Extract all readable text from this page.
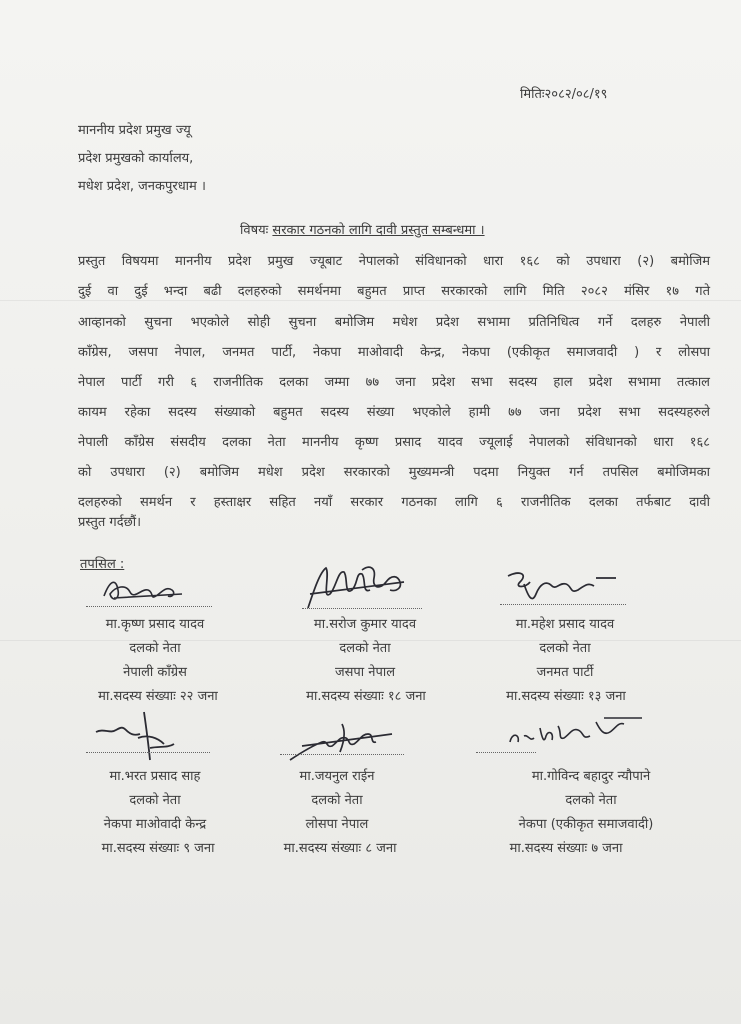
मितिः२०८२/०८/१९
माननीय प्रदेश प्रमुख ज्यू
प्रदेश प्रमुखको कार्यालय,
मधेश प्रदेश, जनकपुरधाम ।
विषयः सरकार गठनको लागि दावी प्रस्तुत सम्बन्धमा ।
प्रस्तुत विषयमा माननीय प्रदेश प्रमुख ज्यूबाट नेपालको संविधानको धारा १६८ को उपधारा (२) बमोजिम
दुई वा दुई भन्दा बढी दलहरुको समर्थनमा बहुमत प्राप्त सरकारको लागि मिति २०८२ मंसिर १७ गते
आव्हानको सुचना भएकोले सोही सुचना बमोजिम मधेश प्रदेश सभामा प्रतिनिधित्व गर्ने दलहरु नेपाली
काँग्रेस, जसपा नेपाल, जनमत पार्टी, नेकपा माओवादी केन्द्र, नेकपा (एकीकृत समाजवादी ) र लोसपा
नेपाल पार्टी गरी ६ राजनीतिक दलका जम्मा ७७ जना प्रदेश सभा सदस्य हाल प्रदेश सभामा तत्काल
कायम रहेका सदस्य संख्याको बहुमत सदस्य संख्या भएकोले हामी ७७ जना प्रदेश सभा सदस्यहरुले
नेपाली काँग्रेस संसदीय दलका नेता माननीय कृष्ण प्रसाद यादव ज्यूलाई नेपालको संविधानको धारा १६८
को उपधारा (२) बमोजिम मधेश प्रदेश सरकारको मुख्यमन्त्री पदमा नियुक्त गर्न तपसिल बमोजिमका
दलहरुको समर्थन र हस्ताक्षर सहित नयाँ सरकार गठनका लागि ६ राजनीतिक दलका तर्फबाट दावी
प्रस्तुत गर्दछौं।
तपसिल :
मा.कृष्ण प्रसाद यादव
दलको नेता
नेपाली काँग्रेस
मा.सदस्य संख्याः २२ जना
मा.सरोज कुमार यादव
दलको नेता
जसपा नेपाल
मा.सदस्य संख्याः १८ जना
मा.महेश प्रसाद यादव
दलको नेता
जनमत पार्टी
मा.सदस्य संख्याः १३ जना
मा.भरत प्रसाद साह
दलको नेता
नेकपा माओवादी केन्द्र
मा.सदस्य संख्याः ९ जना
मा.जयनुल राईन
दलको नेता
लोसपा नेपाल
मा.सदस्य संख्याः ८ जना
मा.गोविन्द बहादुर न्यौपाने
दलको नेता
नेकपा (एकीकृत समाजवादी)
मा.सदस्य संख्याः ७ जना
